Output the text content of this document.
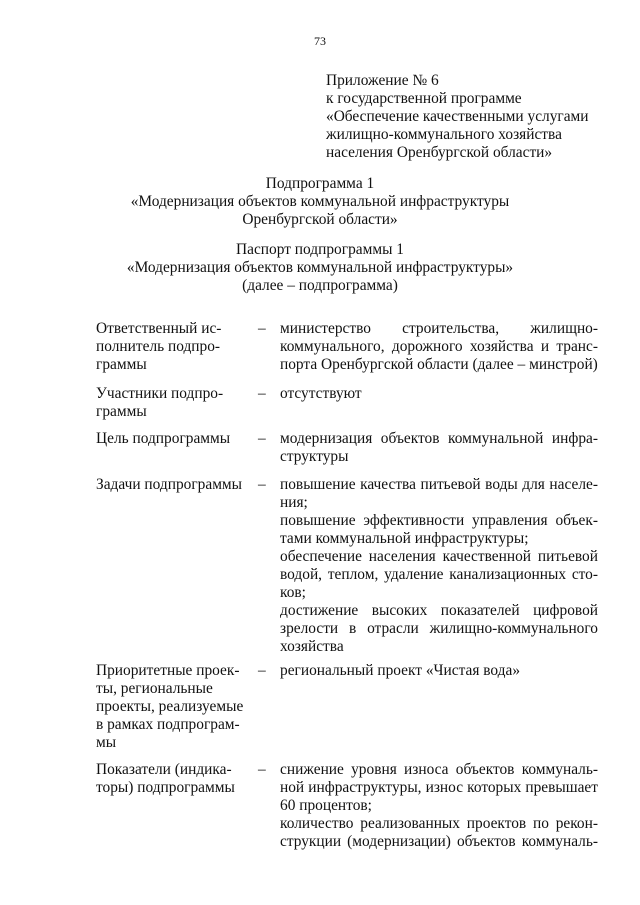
73
Приложение № 6
к государственной программе
«Обеспечение качественными услугами
жилищно-коммунального хозяйства
населения Оренбургской области»
Подпрограмма 1
«Модернизация объектов коммунальной инфраструктуры
Оренбургской области»
Паспорт подпрограммы 1
«Модернизация объектов коммунальной инфраструктуры»
(далее – подпрограмма)
Ответственный ис-
полнитель подпро-
граммы
– министерство строительства, жилищно-
коммунального, дорожного хозяйства и транс-
порта Оренбургской области (далее – минстрой)
Участники подпро-
граммы
– отсутствуют
Цель подпрограммы	– модернизация объектов коммунальной инфра-
структуры
Задачи подпрограммы – повышение качества питьевой воды для населе-
ния;
повышение эффективности управления объек-
тами коммунальной инфраструктуры;
обеспечение населения качественной питьевой
водой, теплом, удаление канализационных сто-
ков;
достижение высоких показателей цифровой
зрелости в отрасли жилищно-коммунального
хозяйства
Приоритетные проек-
ты, региональные
проекты, реализуемые
в рамках подпрограм-
мы
– региональный проект «Чистая вода»
Показатели (индика-
торы) подпрограммы
– снижение уровня износа объектов коммуналь-
ной инфраструктуры, износ которых превышает
60 процентов;
количество реализованных проектов по рекон-
струкции (модернизации) объектов коммуналь-
